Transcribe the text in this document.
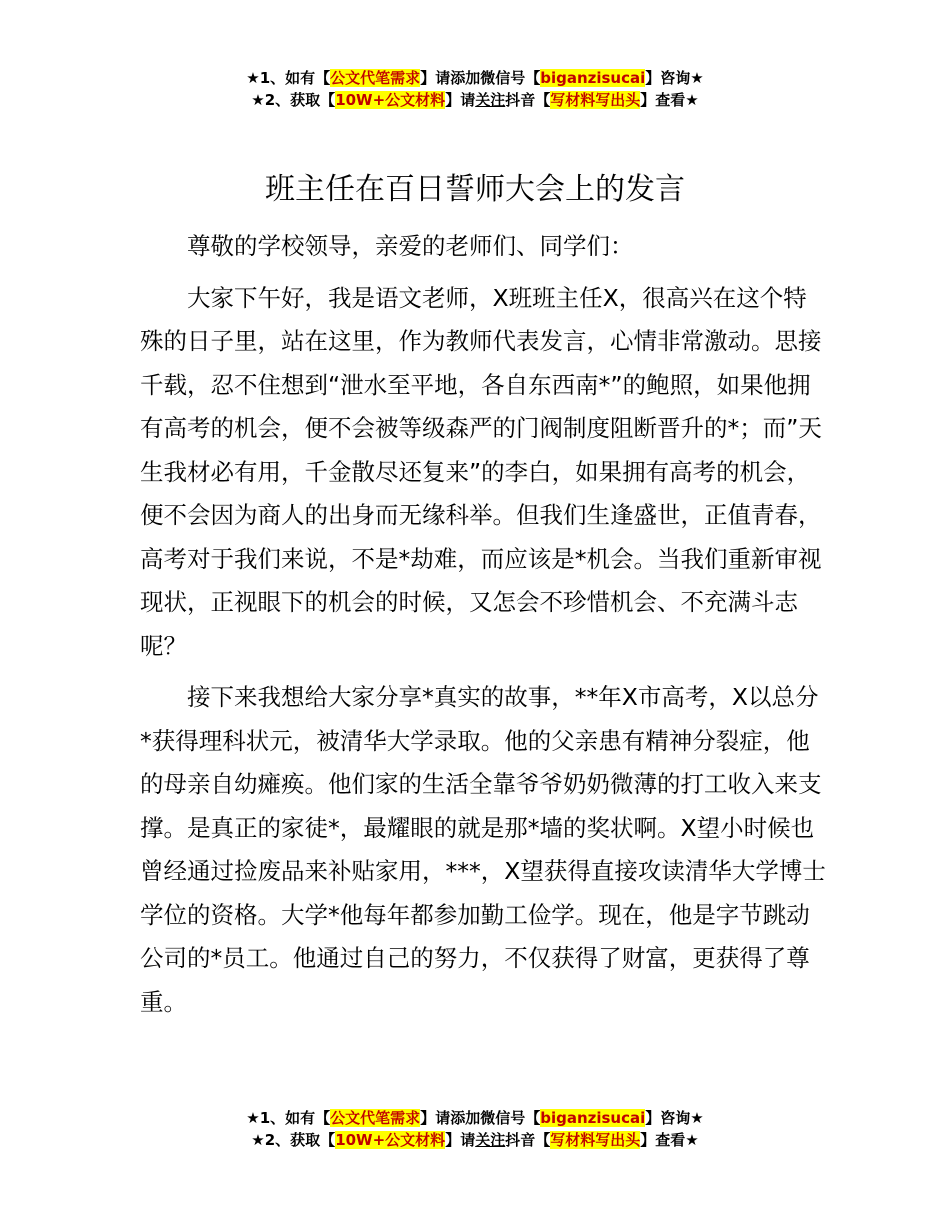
★1、如有【公文代笔需求】请添加微信号【biganzisucai】咨询★
★2、获取【10W+公文材料】请关注抖音【写材料写出头】查看★
班主任在百日誓师大会上的发言

尊敬的学校领导，亲爱的老师们、同学们：

大家下午好，我是语文老师，X班班主任X，很高兴在这个特殊的日子里，站在这里，作为教师代表发言，心情非常激动。思接千载，忍不住想到“泄水至平地，各自东西南*”的鲍照，如果他拥有高考的机会，便不会被等级森严的门阀制度阻断晋升的*；而”天生我材必有用，千金散尽还复来”的李白，如果拥有高考的机会，便不会因为商人的出身而无缘科举。但我们生逢盛世，正值青春，高考对于我们来说，不是*劫难，而应该是*机会。当我们重新审视现状，正视眼下的机会的时候，又怎会不珍惜机会、不充满斗志呢？

接下来我想给大家分享*真实的故事，**年X市高考，X以总分*获得理科状元，被清华大学录取。他的父亲患有精神分裂症，他的母亲自幼瘫痪。他们家的生活全靠爷爷奶奶微薄的打工收入来支撑。是真正的家徒*，最耀眼的就是那*墙的奖状啊。X望小时候也曾经通过捡废品来补贴家用，***，X望获得直接攻读清华大学博士学位的资格。大学*他每年都参加勤工俭学。现在，他是字节跳动公司的*员工。他通过自己的努力，不仅获得了财富，更获得了尊重。

★1、如有【公文代笔需求】请添加微信号【biganzisucai】咨询★
★2、获取【10W+公文材料】请关注抖音【写材料写出头】查看★
